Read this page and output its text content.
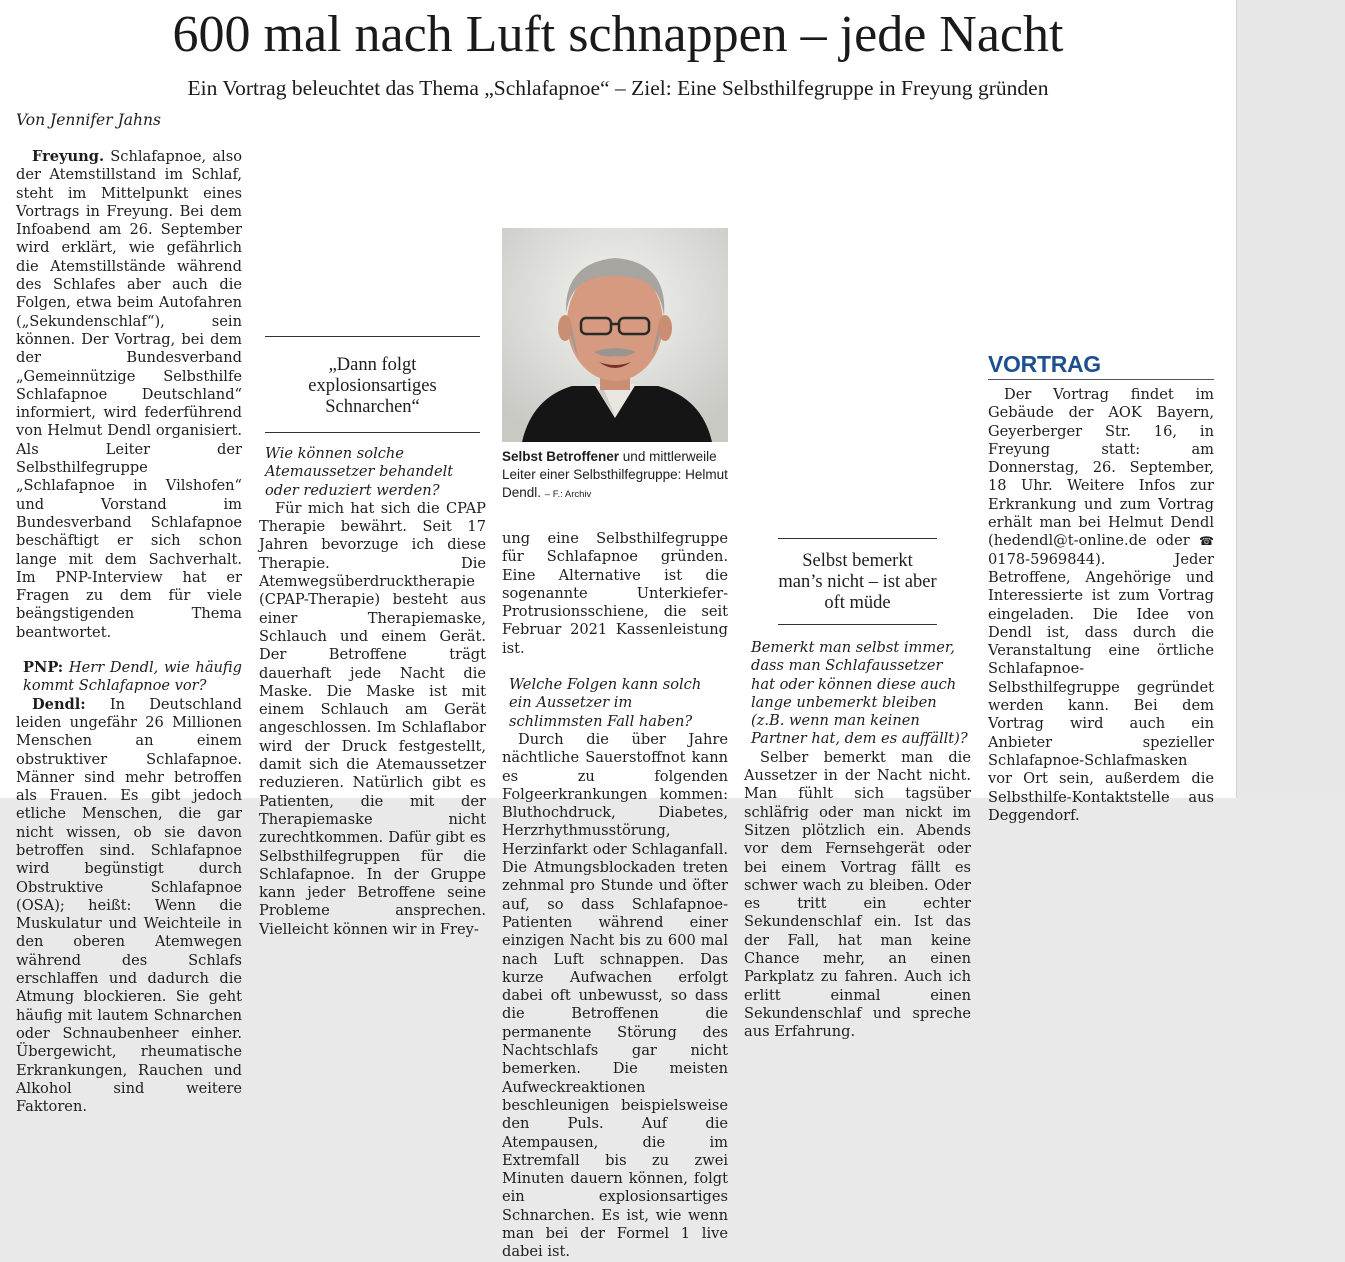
600 mal nach Luft schnappen – jede Nacht
Ein Vortrag beleuchtet das Thema „Schlafapnoe“ – Ziel: Eine Selbsthilfegruppe in Freyung gründen

Von Jennifer Jahns

Freyung. Schlafapnoe, also der Atemstillstand im Schlaf, steht im Mittelpunkt eines Vortrags in Freyung. Bei dem Infoabend am 26. September wird erklärt, wie gefährlich die Atemstillstände während des Schlafes aber auch die Folgen, etwa beim Autofahren („Sekundenschlaf“), sein können. Der Vortrag, bei dem der Bundesverband „Gemeinnützige Selbsthilfe Schlafapnoe Deutschland“ informiert, wird federführend von Helmut Dendl organisiert. Als Leiter der Selbsthilfegruppe „Schlafapnoe in Vilshofen“ und Vorstand im Bundesverband Schlafapnoe beschäftigt er sich schon lange mit dem Sachverhalt. Im PNP-Interview hat er Fragen zu dem für viele beängstigenden Thema beantwortet.

PNP: Herr Dendl, wie häufig kommt Schlafapnoe vor?

Dendl: In Deutschland leiden ungefähr 26 Millionen Menschen an einem obstruktiver Schlafapnoe. Männer sind mehr betroffen als Frauen. Es gibt jedoch etliche Menschen, die gar nicht wissen, ob sie davon betroffen sind. Schlafapnoe wird begünstigt durch Obstruktive Schlafapnoe (OSA); heißt: Wenn die Muskulatur und Weichteile in den oberen Atemwegen während des Schlafs erschlaffen und dadurch die Atmung blockieren. Sie geht häufig mit lautem Schnarchen oder Schnaubenheer einher. Übergewicht, rheumatische Erkrankungen, Rauchen und Alkohol sind weitere Faktoren.

„Dann folgt explosionsartiges Schnarchen“

Wie können solche Atemaussetzer behandelt oder reduziert werden?

Für mich hat sich die CPAP Therapie bewährt. Seit 17 Jahren bevorzuge ich diese Therapie. Die Atemwegsüberdrucktherapie (CPAP-Therapie) besteht aus einer Therapiemaske, Schlauch und einem Gerät. Der Betroffene trägt dauerhaft jede Nacht die Maske. Die Maske ist mit einem Schlauch am Gerät angeschlossen. Im Schlaflabor wird der Druck festgestellt, damit sich die Atemaussetzer reduzieren. Natürlich gibt es Patienten, die mit der Therapiemaske nicht zurechtkommen. Dafür gibt es Selbsthilfegruppen für die Schlafapnoe. In der Gruppe kann jeder Betroffene seine Probleme ansprechen. Vielleicht können wir in Frey-

Selbst Betroffener und mittlerweile Leiter einer Selbsthilfegruppe: Helmut Dendl. – F.: Archiv

ung eine Selbsthilfegruppe für Schlafapnoe gründen. Eine Alternative ist die sogenannte Unterkiefer-Protrusionsschiene, die seit Februar 2021 Kassenleistung ist.

Welche Folgen kann solch ein Aussetzer im schlimmsten Fall haben?

Durch die über Jahre nächtliche Sauerstoffnot kann es zu folgenden Folgeerkrankungen kommen: Bluthochdruck, Diabetes, Herzrhythmusstörung, Herzinfarkt oder Schlaganfall. Die Atmungsblockaden treten zehnmal pro Stunde und öfter auf, so dass Schlafapnoe-Patienten während einer einzigen Nacht bis zu 600 mal nach Luft schnappen. Das kurze Aufwachen erfolgt dabei oft unbewusst, so dass die Betroffenen die permanente Störung des Nachtschlafs gar nicht bemerken. Die meisten Aufweckreaktionen beschleunigen beispielsweise den Puls. Auf die Atempausen, die im Extremfall bis zu zwei Minuten dauern können, folgt ein explosionsartiges Schnarchen. Es ist, wie wenn man bei der Formel 1 live dabei ist.

Selbst bemerkt man’s nicht – ist aber oft müde

Bemerkt man selbst immer, dass man Schlafaussetzer hat oder können diese auch lange unbemerkt bleiben (z.B. wenn man keinen Partner hat, dem es auffällt)?

Selber bemerkt man die Aussetzer in der Nacht nicht. Man fühlt sich tagsüber schläfrig oder man nickt im Sitzen plötzlich ein. Abends vor dem Fernsehgerät oder bei einem Vortrag fällt es schwer wach zu bleiben. Oder es tritt ein echter Sekundenschlaf ein. Ist das der Fall, hat man keine Chance mehr, an einen Parkplatz zu fahren. Auch ich erlitt einmal einen Sekundenschlaf und spreche aus Erfahrung.

VORTRAG

Der Vortrag findet im Gebäude der AOK Bayern, Geyerberger Str. 16, in Freyung statt: am Donnerstag, 26. September, 18 Uhr. Weitere Infos zur Erkrankung und zum Vortrag erhält man bei Helmut Dendl (hedendl@t-online.de oder ☎ 0178-5969844). Jeder Betroffene, Angehörige und Interessierte ist zum Vortrag eingeladen. Die Idee von Dendl ist, dass durch die Veranstaltung eine örtliche Schlafapnoe-Selbsthilfegruppe gegründet werden kann. Bei dem Vortrag wird auch ein Anbieter spezieller Schlafapnoe-Schlafmasken vor Ort sein, außerdem die Selbsthilfe-Kontaktstelle aus Deggendorf.
